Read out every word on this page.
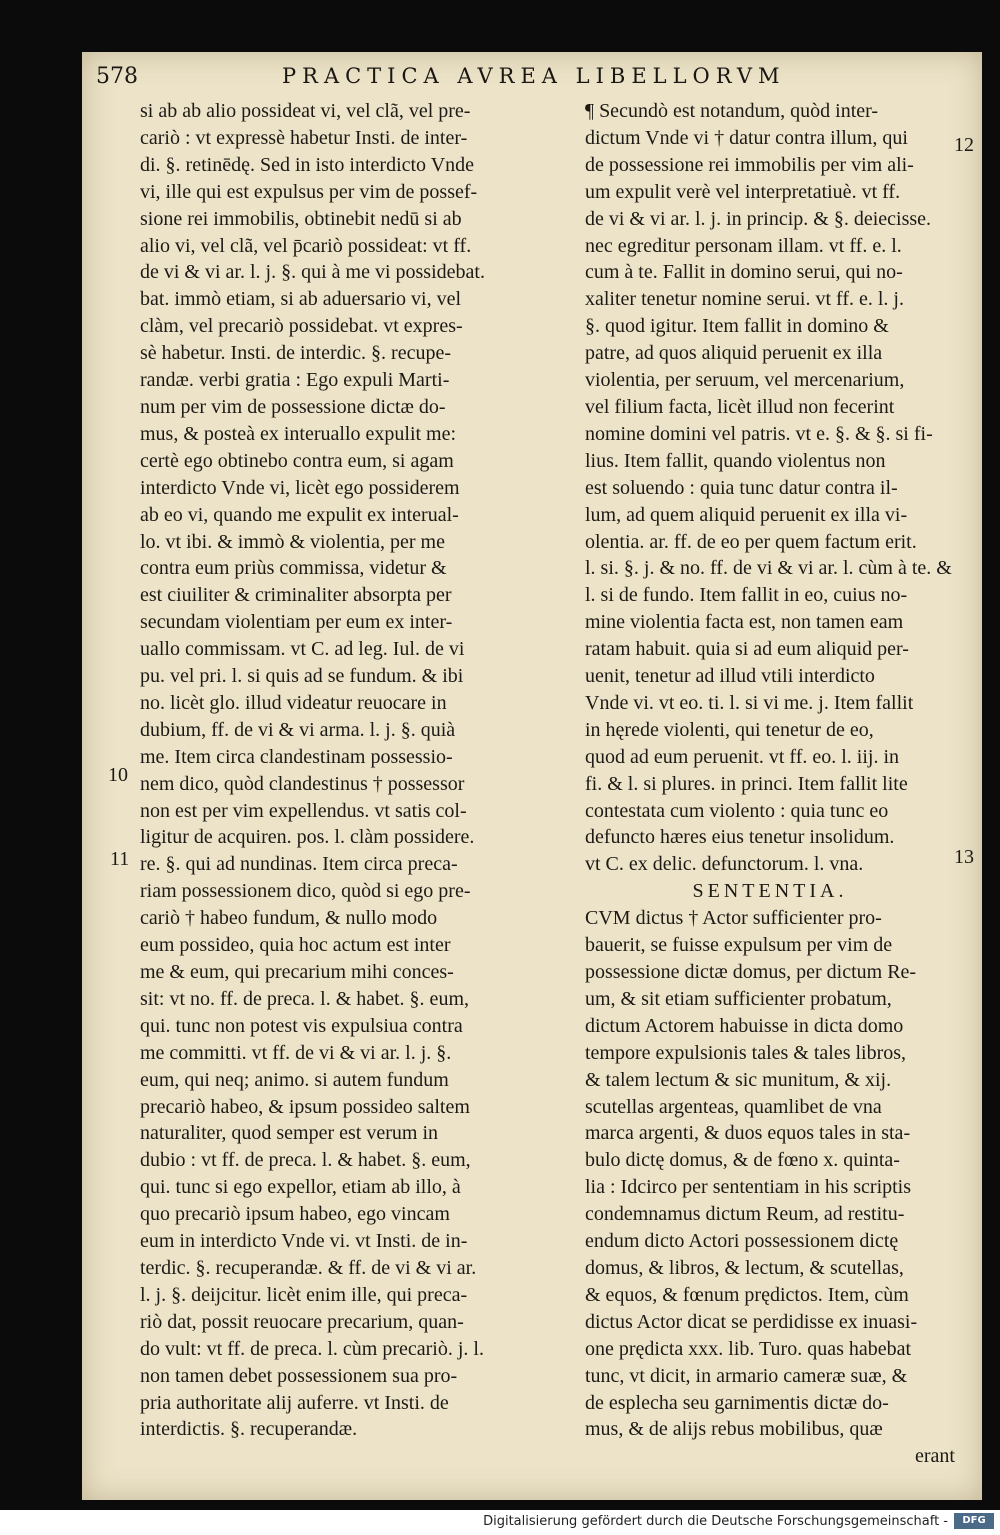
578	PRACTICA AVREA LIBELLORVM
si ab ab alio possideat vi, vel clã, vel pre-
cariò : vt expressè habetur Insti. de inter-
di. §. retinēdę. Sed in isto interdicto Vnde
vi, ille qui est expulsus per vim de possef-
sione rei immobilis, obtinebit nedū si ab
alio vi, vel clã, vel p̄cariò possideat: vt ff.
de vi & vi ar. l. j. §. qui à me vi possidebat.
bat. immò etiam, si ab aduersario vi, vel
clàm, vel precariò possidebat. vt expres-
sè habetur. Insti. de interdic. §. recupe-
randæ. verbi gratia : Ego expuli Marti-
num per vim de possessione dictæ do-
mus, & posteà ex interuallo expulit me:
certè ego obtinebo contra eum, si agam
interdicto Vnde vi, licèt ego possiderem
ab eo vi, quando me expulit ex interual-
lo. vt ibi. & immò & violentia, per me
contra eum priùs commissa, videtur &
est ciuiliter & criminaliter absorpta per
secundam violentiam per eum ex inter-
uallo commissam. vt C. ad leg. Iul. de vi
pu. vel pri. l. si quis ad se fundum. & ibi
no. licèt glo. illud videatur reuocare in
dubium, ff. de vi & vi arma. l. j. §. quià
me. Item circa clandestinam possessio-
nem dico, quòd clandestinus † possessor
non est per vim expellendus. vt satis col-
ligitur de acquiren. pos. l. clàm possidere.
re. §. qui ad nundinas. Item circa preca-
riam possessionem dico, quòd si ego pre-
cariò † habeo fundum, & nullo modo
eum possideo, quia hoc actum est inter
me & eum, qui precarium mihi conces-
sit: vt no. ff. de preca. l. & habet. §. eum,
qui. tunc non potest vis expulsiua contra
me committi. vt ff. de vi & vi ar. l. j. §.
eum, qui neq; animo. si autem fundum
precariò habeo, & ipsum possideo saltem
naturaliter, quod semper est verum in
dubio : vt ff. de preca. l. & habet. §. eum,
qui. tunc si ego expellor, etiam ab illo, à
quo precariò ipsum habeo, ego vincam
eum in interdicto Vnde vi. vt Insti. de in-
terdic. §. recuperandæ. & ff. de vi & vi ar.
l. j. §. deijcitur. licèt enim ille, qui preca-
riò dat, possit reuocare precarium, quan-
do vult: vt ff. de preca. l. cùm precariò. j. l.
non tamen debet possessionem sua pro-
pria authoritate alij auferre. vt Insti. de
interdictis. §. recuperandæ.
¶ Secundò est notandum, quòd inter-
dictum Vnde vi † datur contra illum, qui
de possessione rei immobilis per vim ali-
um expulit verè vel interpretatiuè. vt ff.
de vi & vi ar. l. j. in princip. & §. deiecisse.
nec egreditur personam illam. vt ff. e. l.
cum à te. Fallit in domino serui, qui no-
xaliter tenetur nomine serui. vt ff. e. l. j.
§. quod igitur. Item fallit in domino &
patre, ad quos aliquid peruenit ex illa
violentia, per seruum, vel mercenarium,
vel filium facta, licèt illud non fecerint
nomine domini vel patris. vt e. §. & §. si fi-
lius. Item fallit, quando violentus non
est soluendo : quia tunc datur contra il-
lum, ad quem aliquid peruenit ex illa vi-
olentia. ar. ff. de eo per quem factum erit.
l. si. §. j. & no. ff. de vi & vi ar. l. cùm à te. &
l. si de fundo. Item fallit in eo, cuius no-
mine violentia facta est, non tamen eam
ratam habuit. quia si ad eum aliquid per-
uenit, tenetur ad illud vtili interdicto
Vnde vi. vt eo. ti. l. si vi me. j. Item fallit
in hęrede violenti, qui tenetur de eo,
quod ad eum peruenit. vt ff. eo. l. iij. in
fi. & l. si plures. in princi. Item fallit lite
contestata cum violento : quia tunc eo
defuncto hæres eius tenetur insolidum.
vt C. ex delic. defunctorum. l. vna.
SENTENTIA.
CVM dictus † Actor sufficienter pro-
bauerit, se fuisse expulsum per vim de
possessione dictæ domus, per dictum Re-
um, & sit etiam sufficienter probatum,
dictum Actorem habuisse in dicta domo
tempore expulsionis tales & tales libros,
& talem lectum & sic munitum, & xij.
scutellas argenteas, quamlibet de vna
marca argenti, & duos equos tales in sta-
bulo dictę domus, & de fœno x. quinta-
lia : Idcirco per sententiam in his scriptis
condemnamus dictum Reum, ad restitu-
endum dicto Actori possessionem dictę
domus, & libros, & lectum, & scutellas,
& equos, & fœnum prędictos. Item, cùm
dictus Actor dicat se perdidisse ex inuasi-
one prędicta xxx. lib. Turo. quas habebat
tunc, vt dicit, in armario cameræ suæ, &
de esplecha seu garnimentis dictæ do-
mus, & de alijs rebus mobilibus, quæ
erant
10
11
12
13
Digitalisierung gefördert durch die Deutsche Forschungsgemeinschaft -	DFG
